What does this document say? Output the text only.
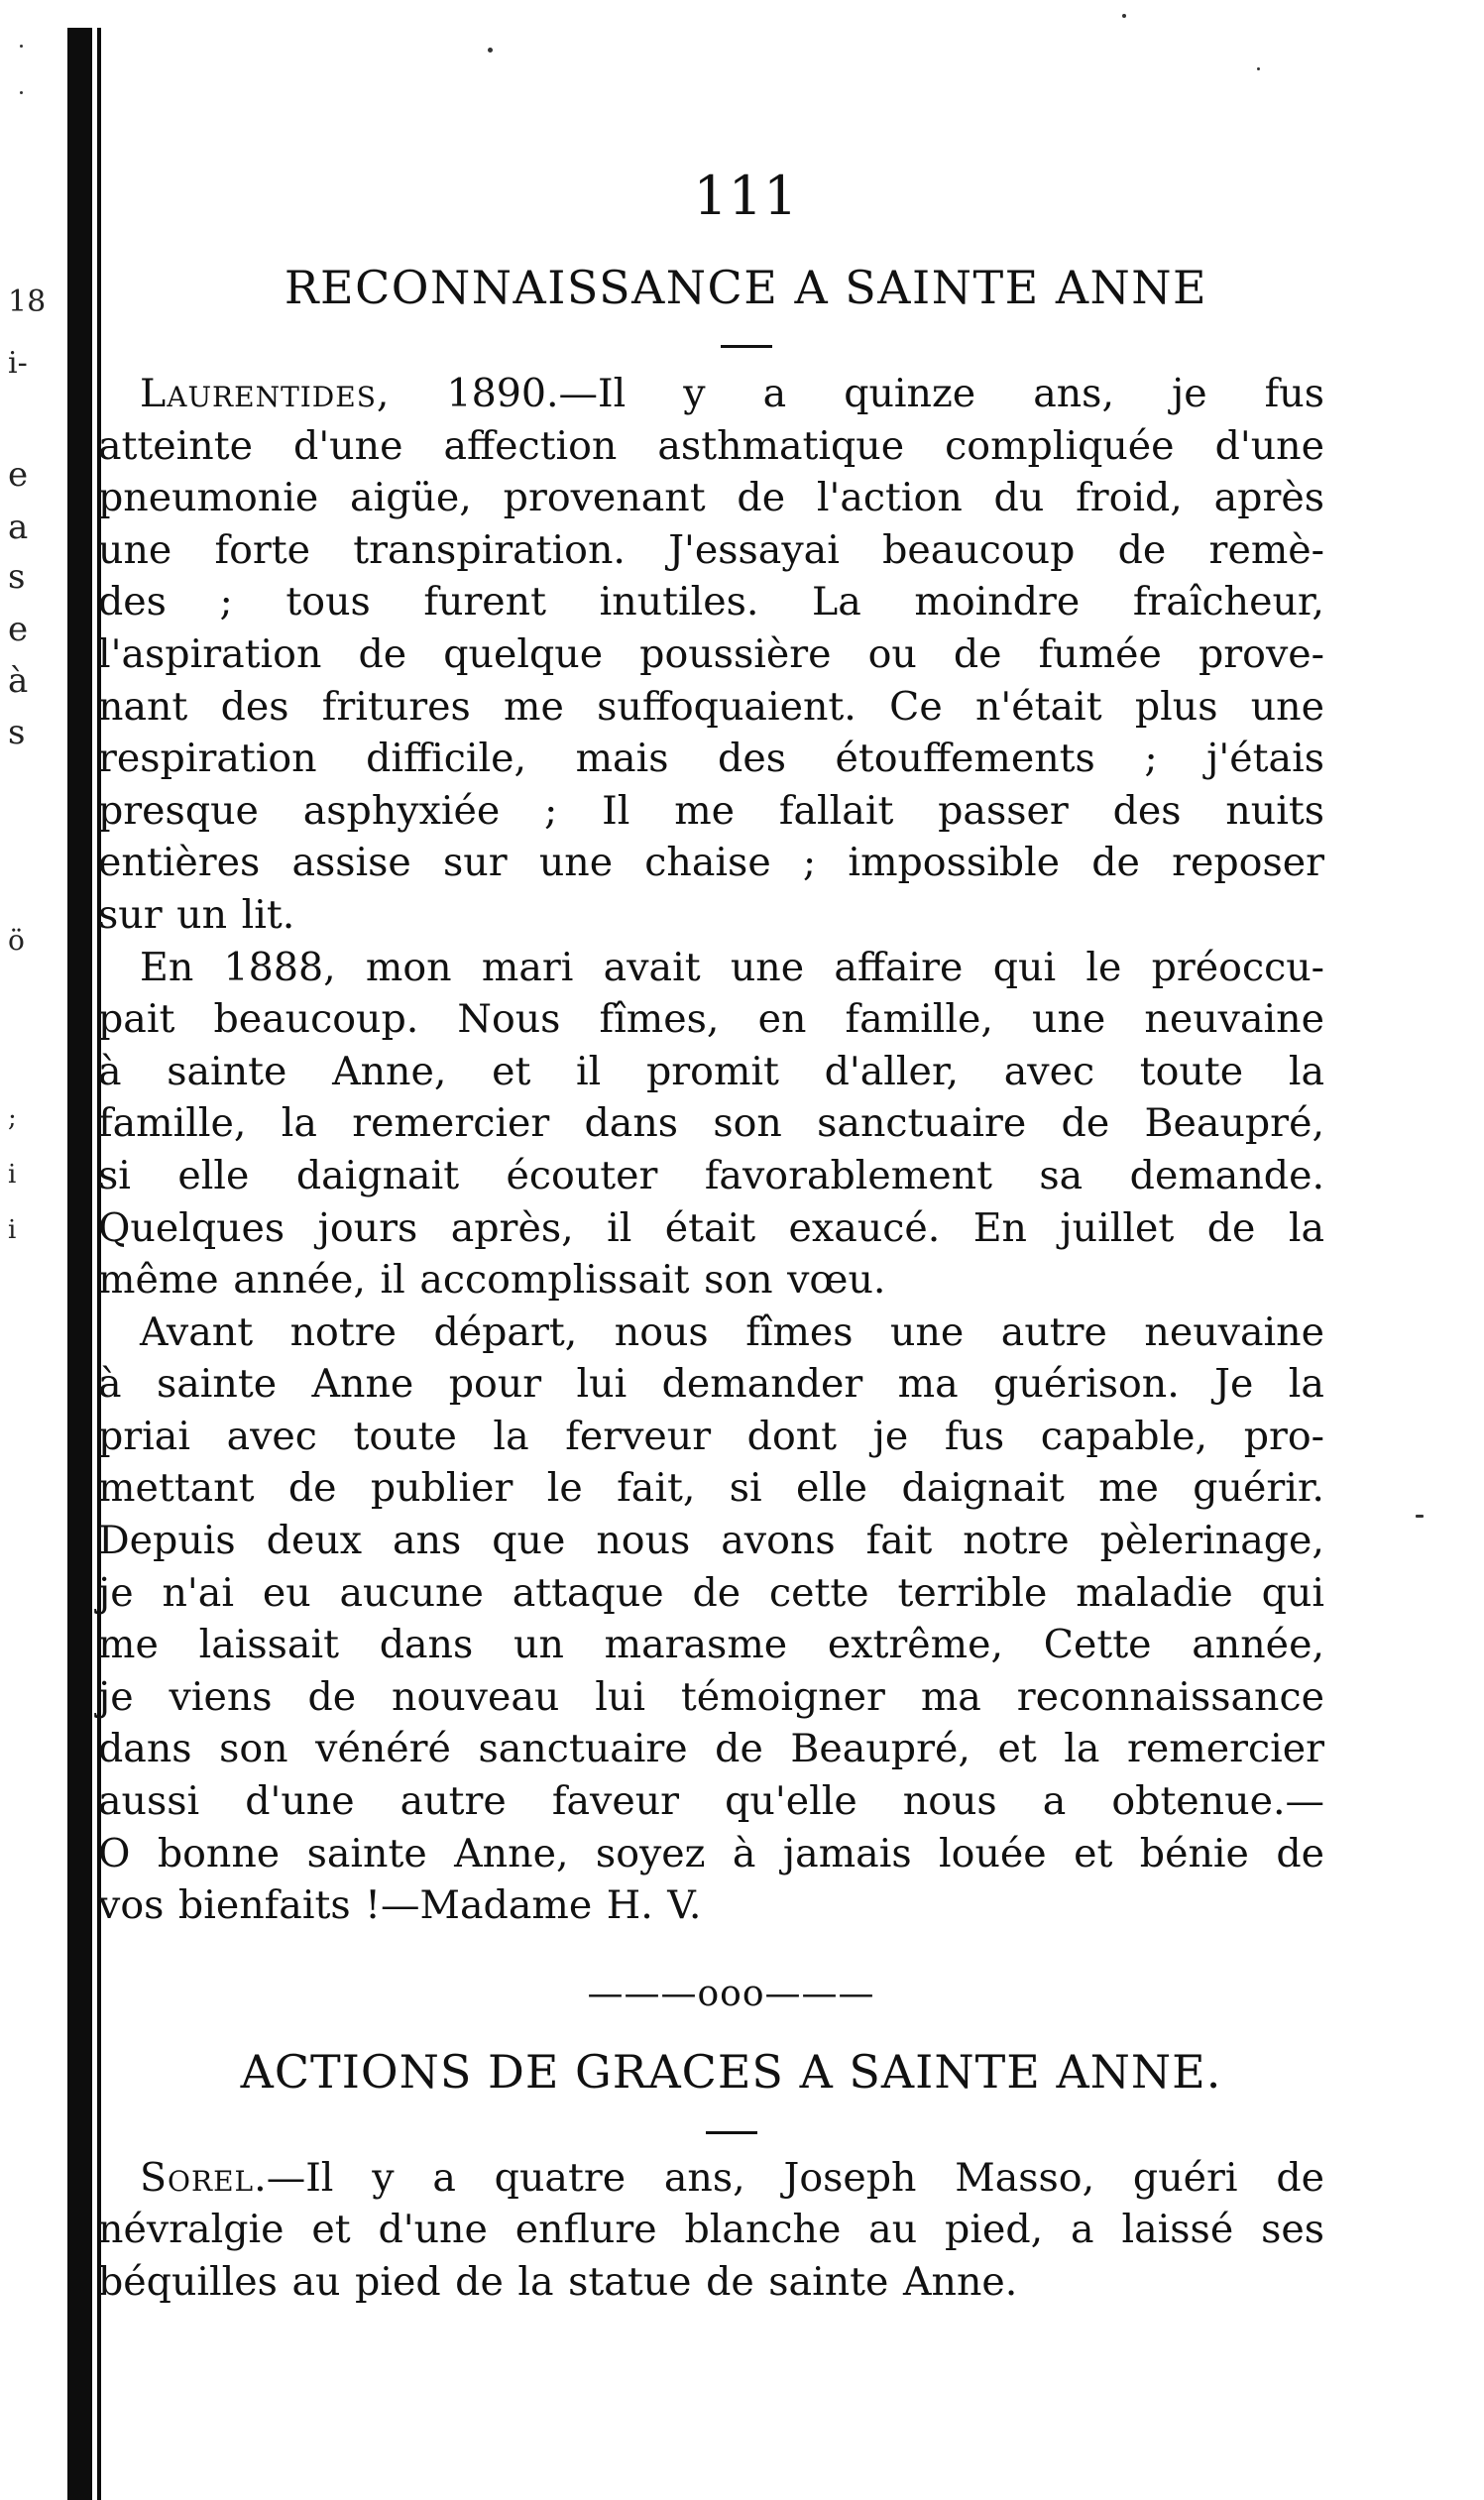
18
i-
e
a
s
e
à
s
ö
;
i
i
111
RECONNAISSANCE A SAINTE ANNE

Laurentides, 1890.—Il y a quinze ans, je fus

atteinte d'une affection asthmatique compliquée d'une
pneumonie aigüe, provenant de l'action du froid, après
une forte transpiration. J'essayai beaucoup de remè-
des ; tous furent inutiles. La moindre fraîcheur,
l'aspiration de quelque poussière ou de fumée prove-
nant des fritures me suffoquaient. Ce n'était plus une
respiration difficile, mais des étouffements ; j'étais
presque asphyxiée ; Il me fallait passer des nuits
entières assise sur une chaise ; impossible de reposer
sur un lit.

En 1888, mon mari avait une affaire qui le préoccu-
pait beaucoup. Nous fîmes, en famille, une neuvaine
à sainte Anne, et il promit d'aller, avec toute la
famille, la remercier dans son sanctuaire de Beaupré,
si elle daignait écouter favorablement sa demande.
Quelques jours après, il était exaucé. En juillet de la
même année, il accomplissait son vœu.

Avant notre départ, nous fîmes une autre neuvaine
à sainte Anne pour lui demander ma guérison. Je la
priai avec toute la ferveur dont je fus capable, pro-
mettant de publier le fait, si elle daignait me guérir.
Depuis deux ans que nous avons fait notre pèlerinage,
je n'ai eu aucune attaque de cette terrible maladie qui
me laissait dans un marasme extrême, Cette année,
je viens de nouveau lui témoigner ma reconnaissance
dans son vénéré sanctuaire de Beaupré, et la remercier
aussi d'une autre faveur qu'elle nous a obtenue.—
O bonne sainte Anne, soyez à jamais louée et bénie de
vos bienfaits !—Madame H. V.

———ooo———
ACTIONS DE GRACES A SAINTE ANNE.

Sorel.—Il y a quatre ans, Joseph Masso, guéri de
névralgie et d'une enflure blanche au pied, a laissé ses
béquilles au pied de la statue de sainte Anne.
